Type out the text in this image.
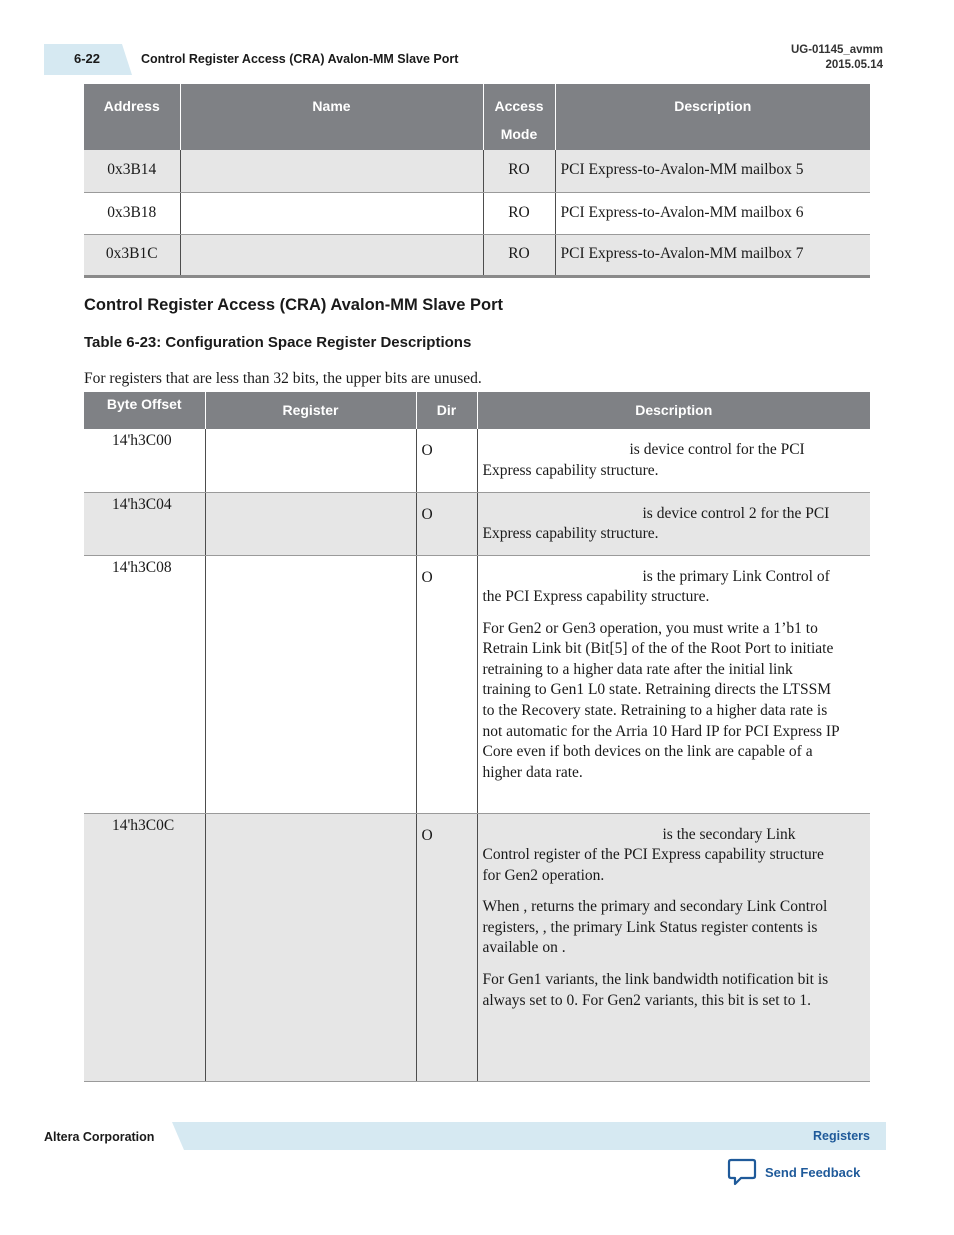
6-22	Control Register Access (CRA) Avalon-MM Slave Port
UG-01145_avmm
2015.05.14
Address	Name	Access Mode	Description
0x3B14		RO	PCI Express-to-Avalon-MM mailbox 5
0x3B18		RO	PCI Express-to-Avalon-MM mailbox 6
0x3B1C		RO	PCI Express-to-Avalon-MM mailbox 7
Control Register Access (CRA) Avalon-MM Slave Port
Table 6-23: Configuration Space Register Descriptions
For registers that are less than 32 bits, the upper bits are unused.
Byte Offset	Register	Dir	Description
14'h3C00		O	is device control for the PCI Express capability structure.

14'h3C04		O	is device control 2 for the PCI Express capability structure.

14'h3C08		O	is the primary Link Control of the PCI Express capability structure.
For Gen2 or Gen3 operation, you must write a 1’b1 to Retrain Link bit (Bit[5] of the of the Root Port to initiate retraining to a higher data rate after the initial link training to Gen1 L0 state. Retraining directs the LTSSM to the Recovery state. Retraining to a higher data rate is not automatic for the Arria 10 Hard IP for PCI Express IP Core even if both devices on the link are capable of a higher data rate.

14'h3C0C		O	is the secondary Link Control register of the PCI Express capability structure for Gen2 operation.
When , returns the primary and secondary Link Control registers, , the primary Link Status register contents is available on .
For Gen1 variants, the link bandwidth notification bit is always set to 0. For Gen2 variants, this bit is set to 1.
Altera Corporation	Registers
Send Feedback
